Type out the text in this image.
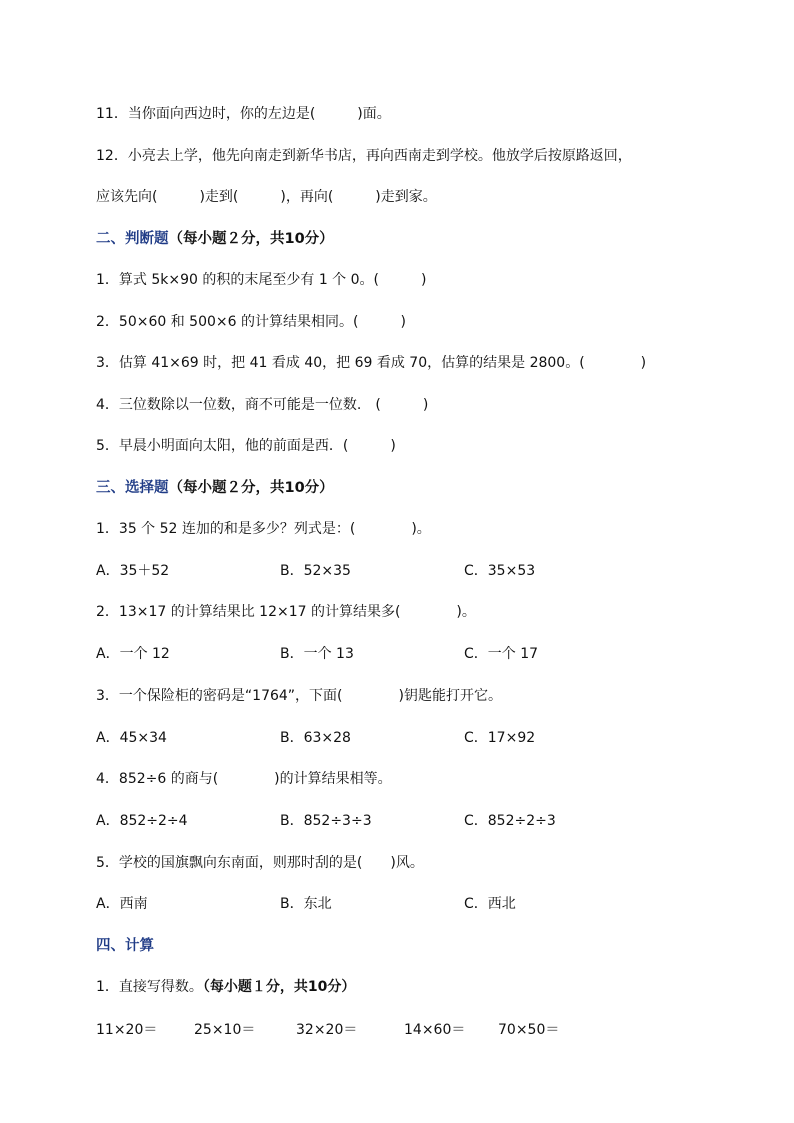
11．当你面向西边时，你的左边是(　　　)面。
12．小亮去上学，他先向南走到新华书店，再向西南走到学校。他放学后按原路返回，
应该先向(　　　)走到(　　　)，再向(　　　)走到家。
二、判断题（每小题２分，共10分）
1．算式 5k×90 的积的末尾至少有 1 个 0。(　　　)
2．50×60 和 500×6 的计算结果相同。(　　　)
3．估算 41×69 时，把 41 看成 40，把 69 看成 70，估算的结果是 2800。(　　　　)
4．三位数除以一位数，商不可能是一位数.　(　　　)
5．早晨小明面向太阳，他的前面是西．(　　　)
三、选择题（每小题２分，共10分）
1．35 个 52 连加的和是多少？列式是：(　　　　)。
A．35＋52	B．52×35	C．35×53
2．13×17 的计算结果比 12×17 的计算结果多(　　　　)。
A．一个 12	B．一个 13	C．一个 17
3．一个保险柜的密码是“1764”，下面(　　　　)钥匙能打开它。
A．45×34	B．63×28	C．17×92
4．852÷6 的商与(　　　　)的计算结果相等。
A．852÷2÷4	B．852÷3÷3	C．852÷2÷3
5．学校的国旗飘向东南面，则那时刮的是(　　)风。
A．西南	B．东北	C．西北
四、计算
1．直接写得数。（每小题１分，共10分）
11×20＝	25×10＝	32×20＝	14×60＝ 70×50＝
